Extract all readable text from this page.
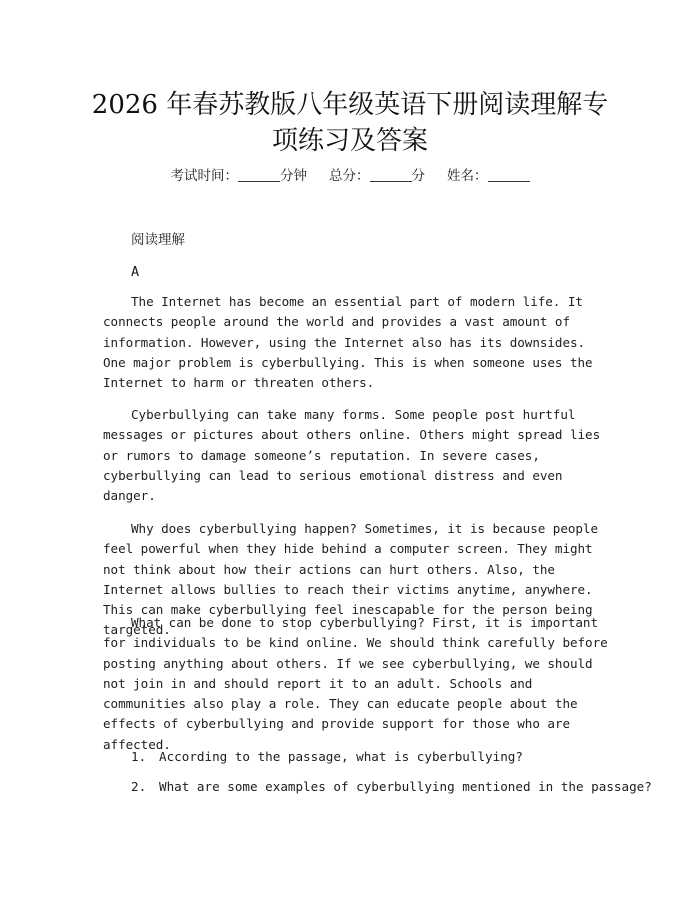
2026 年春苏教版八年级英语下册阅读理解专
项练习及答案
考试时间：	分钟 总分：	分 姓名：
阅读理解
A

The Internet has become an essential part of modern life. It connects people around the world and provides a vast amount of information. However, using the Internet also has its downsides. One major problem is cyberbullying. This is when someone uses the Internet to harm or threaten others.

Cyberbullying can take many forms. Some people post hurtful messages or pictures about others online. Others might spread lies or rumors to damage someone’s reputation. In severe cases, cyberbullying can lead to serious emotional distress and even danger.

Why does cyberbullying happen? Sometimes, it is because people feel powerful when they hide behind a computer screen. They might not think about how their actions can hurt others. Also, the Internet allows bullies to reach their victims anytime, anywhere. This can make cyberbullying feel inescapable for the person being targeted.

What can be done to stop cyberbullying? First, it is important for individuals to be kind online. We should think carefully before posting anything about others. If we see cyberbullying, we should not join in and should report it to an adult. Schools and communities also play a role. They can educate people about the effects of cyberbullying and provide support for those who are affected.

1. According to the passage, what is cyberbullying?
2. What are some examples of cyberbullying mentioned in the passage?
